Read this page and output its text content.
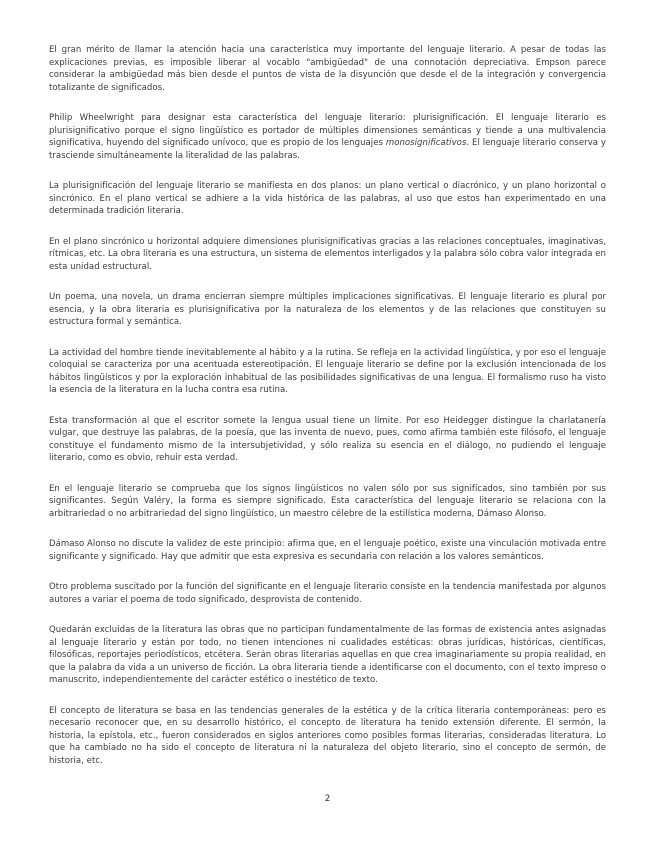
El gran mérito de llamar la atención hacia una característica muy importante del lenguaje literario. A pesar de todas las explicaciones previas, es imposible liberar al vocablo "ambigüedad" de una connotación depreciativa. Empson parece considerar la ambigüedad más bien desde el puntos de vista de la disyunción que desde el de la integración y convergencia totalizante de significados.

Philip Wheelwright para designar esta característica del lenguaje literario: plurisignificación. El lenguaje literario es plurisignificativo porque el signo lingüístico es portador de múltiples dimensiones semánticas y tiende a una multivalencia significativa, huyendo del significado unívoco, que es propio de los lenguajes monosignificativos. El lenguaje literario conserva y trasciende simultáneamente la literalidad de las palabras.

La plurisignificación del lenguaje literario se manifiesta en dos planos: un plano vertical o diacrónico, y un plano horizontal o sincrónico. En el plano vertical se adhiere a la vida histórica de las palabras, al uso que estos han experimentado en una determinada tradición literaria.

En el plano sincrónico u horizontal adquiere dimensiones plurisignificativas gracias a las relaciones conceptuales, imaginativas, rítmicas, etc. La obra literaria es una estructura, un sistema de elementos interligados y la palabra sólo cobra valor integrada en esta unidad estructural.

Un poema, una novela, un drama encierran siempre múltiples implicaciones significativas. El lenguaje literario es plural por esencia, y la obra literaria es plurisignificativa por la naturaleza de los elementos y de las relaciones que constituyen su estructura formal y semántica.

La actividad del hombre tiende inevitablemente al hábito y a la rutina. Se refleja en la actividad lingüística, y por eso el lenguaje coloquial se caracteriza por una acentuada estereotipación. El lenguaje literario se define por la exclusión intencionada de los hábitos lingüísticos y por la exploración inhabitual de las posibilidades significativas de una lengua. El formalismo ruso ha visto la esencia de la literatura en la lucha contra esa rutina.

Esta transformación al que el escritor somete la lengua usual tiene un límite. Por eso Heidegger distingue la charlatanería vulgar, que destruye las palabras, de la poesía, que las inventa de nuevo, pues, como afirma también este filósofo, el lenguaje constituye el fundamento mismo de la intersubjetividad, y sólo realiza su esencia en el diálogo, no pudiendo el lenguaje literario, como es obvio, rehuir esta verdad.

En el lenguaje literario se comprueba que los signos lingüísticos no valen sólo por sus significados, sino también por sus significantes. Según Valéry, la forma es siempre significado. Esta característica del lenguaje literario se relaciona con la arbitrariedad o no arbitrariedad del signo lingüístico, un maestro célebre de la estilística moderna, Dámaso Alonso.

Dámaso Alonso no discute la validez de este principio: afirma que, en el lenguaje poético, existe una vinculación motivada entre significante y significado. Hay que admitir que esta expresiva es secundaria con relación a los valores semánticos.

Otro problema suscitado por la función del significante en el lenguaje literario consiste en la tendencia manifestada por algunos autores a variar el poema de todo significado, desprovista de contenido.

Quedarán excluidas de la literatura las obras que no participan fundamentalmente de las formas de existencia antes asignadas al lenguaje literario y están por todo, no tienen intenciones ni cualidades estéticas: obras jurídicas, históricas, científicas, filosóficas, reportajes periodísticos, etcétera. Serán obras literarias aquellas en que crea imaginariamente su propia realidad, en que la palabra da vida a un universo de ficción. La obra literaria tiende a identificarse con el documento, con el texto impreso o manuscrito, independientemente del carácter estético o inestético de texto.

El concepto de literatura se basa en las tendencias generales de la estética y de la crítica literaria contemporáneas: pero es necesario reconocer que, en su desarrollo histórico, el concepto de literatura ha tenido extensión diferente. El sermón, la historia, la epístola, etc., fueron considerados en siglos anteriores como posibles formas literarias, consideradas literatura. Lo que ha cambiado no ha sido el concepto de literatura ni la naturaleza del objeto literario, sino el concepto de sermón, de historia, etc.

2
